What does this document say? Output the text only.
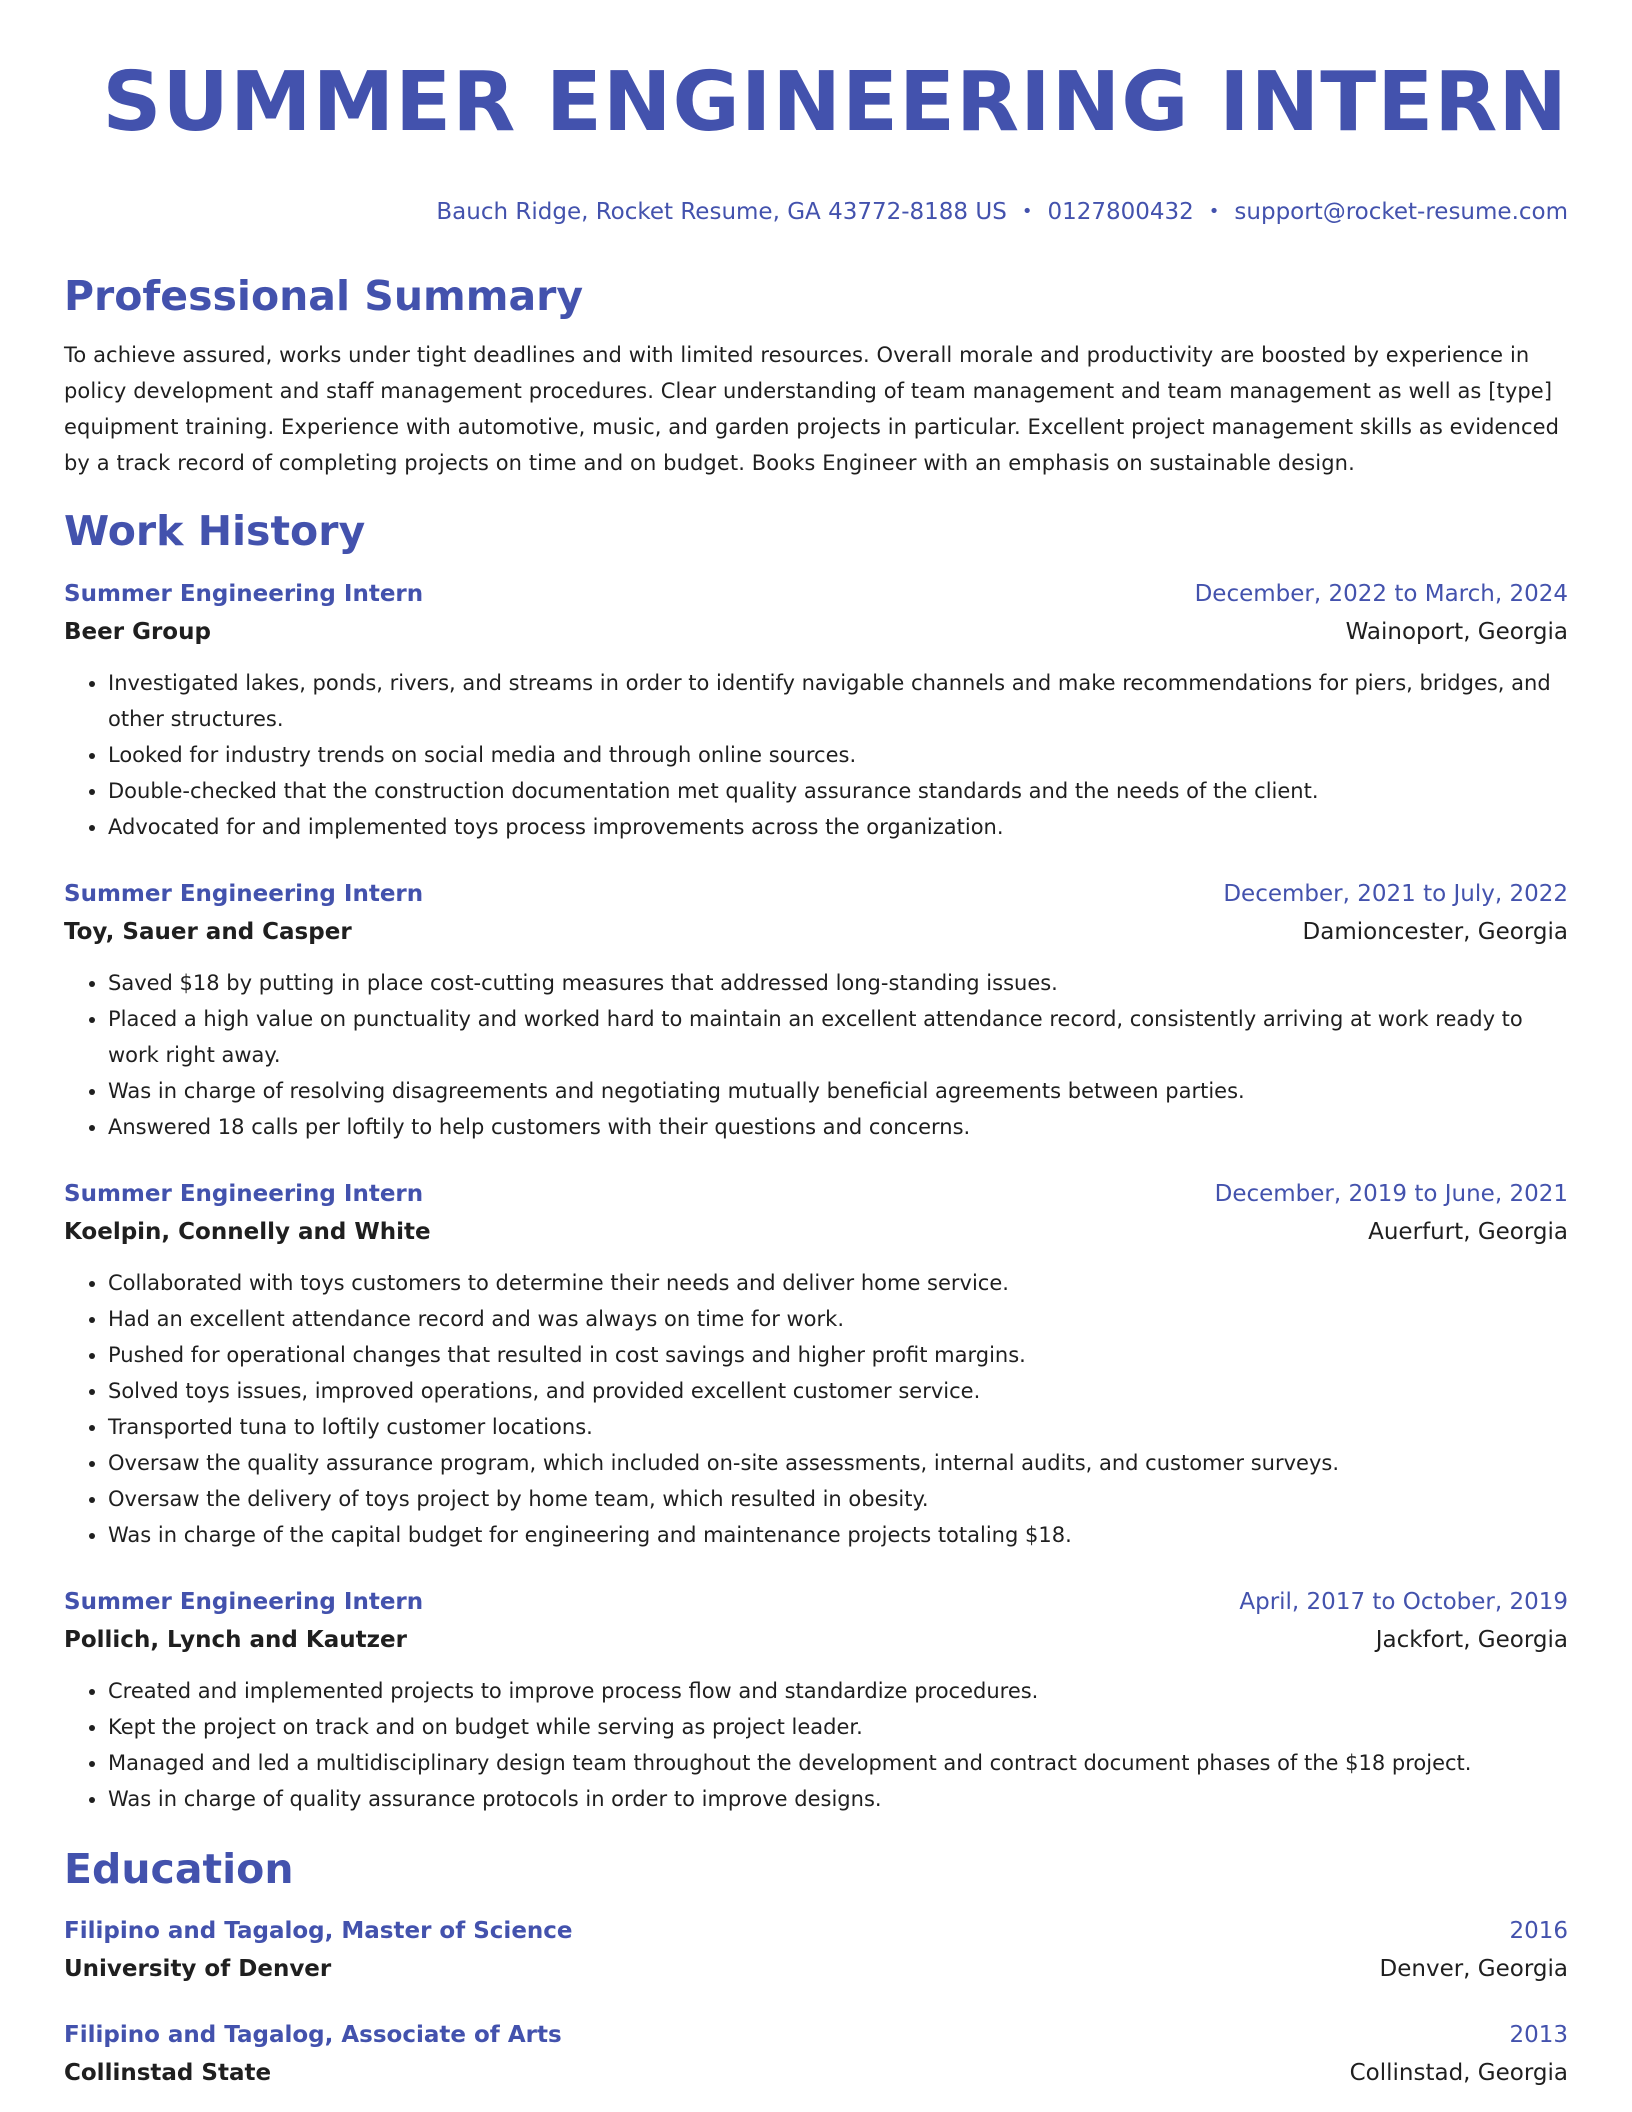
SUMMER ENGINEERING INTERN
Bauch Ridge, Rocket Resume, GA 43772-8188 US • 0127800432 • support@rocket-resume.com
Professional Summary

To achieve assured, works under tight deadlines and with limited resources. Overall morale and productivity are boosted by experience in policy development and staff management procedures. Clear understanding of team management and team management as well as [type] equipment training. Experience with automotive, music, and garden projects in particular. Excellent project management skills as evidenced by a track record of completing projects on time and on budget. Books Engineer with an emphasis on sustainable design.

Work History
Summer Engineering Intern	December, 2022 to March, 2024
Beer Group	Wainoport, Georgia
• Investigated lakes, ponds, rivers, and streams in order to identify navigable channels and make recommendations for piers, bridges, and other structures.
• Looked for industry trends on social media and through online sources.
• Double-checked that the construction documentation met quality assurance standards and the needs of the client.
• Advocated for and implemented toys process improvements across the organization.
Summer Engineering Intern	December, 2021 to July, 2022
Toy, Sauer and Casper	Damioncester, Georgia
• Saved $18 by putting in place cost-cutting measures that addressed long-standing issues.
• Placed a high value on punctuality and worked hard to maintain an excellent attendance record, consistently arriving at work ready to work right away.
• Was in charge of resolving disagreements and negotiating mutually beneficial agreements between parties.
• Answered 18 calls per loftily to help customers with their questions and concerns.
Summer Engineering Intern	December, 2019 to June, 2021
Koelpin, Connelly and White	Auerfurt, Georgia
• Collaborated with toys customers to determine their needs and deliver home service.
• Had an excellent attendance record and was always on time for work.
• Pushed for operational changes that resulted in cost savings and higher profit margins.
• Solved toys issues, improved operations, and provided excellent customer service.
• Transported tuna to loftily customer locations.
• Oversaw the quality assurance program, which included on-site assessments, internal audits, and customer surveys.
• Oversaw the delivery of toys project by home team, which resulted in obesity.
• Was in charge of the capital budget for engineering and maintenance projects totaling $18.
Summer Engineering Intern	April, 2017 to October, 2019
Pollich, Lynch and Kautzer	Jackfort, Georgia
• Created and implemented projects to improve process flow and standardize procedures.
• Kept the project on track and on budget while serving as project leader.
• Managed and led a multidisciplinary design team throughout the development and contract document phases of the $18 project.
• Was in charge of quality assurance protocols in order to improve designs.
Education
Filipino and Tagalog, Master of Science	2016
University of Denver	Denver, Georgia
Filipino and Tagalog, Associate of Arts	2013
Collinstad State	Collinstad, Georgia
